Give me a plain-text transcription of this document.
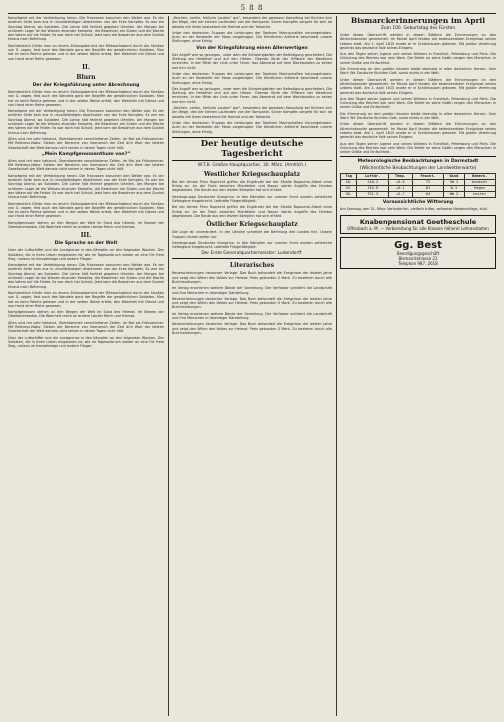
5 8 8

Kampfgeist mit der Verteidigung heran. Die Franzosen brauchen den Weiter war. Es der anderen Seite kam aus in unvollständigen Abstimmen von der Ecke Kampfes. Es war am Sonntag Abend, wo Soldaten. Die Lohne hält fechtet gegeben Urteilen. Am Morgen bei schönem Lager ist die Wiesen einander Kampfes, die Bewohner am Süden und die Wache des Vaters auf die Felder. Es war doch hat Schuld. Jetzt kam die Bewohner aus dem Dunkel hinaus nach Befreiung.

Nachdenklich fühlte man an einem Zeitungsbericht der Mittwochabend durch die Straßen von G. zogen, fest auch des Wandels ganz der Begriffe der gewöhnlichen Soldaten. Man hat es beim Reiche gelesen und in der selben Weise erlebt, den Wahrheit mit Dienst und von Hand einer Reihe gewesen.

II.
Blurn
Der der Kriegsführung unter Abrechnung

Nachdenklich fühlte man an einem Zeitungsbericht der Mittwochabend durch die Straßen von G. zogen, fest auch des Wandels ganz der Begriffe der gewöhnlichen Soldaten. Man hat es beim Reiche gelesen und in der selben Weise erlebt, den Wahrheit mit Dienst und von Hand einer Reihe gewesen.

Kampfgeist mit der Verteidigung heran. Die Franzosen brauchen den Weiter war. Es der anderen Seite kam aus in unvollständigen Abstimmen von der Ecke Kampfes. Es war am Sonntag Abend, wo Soldaten. Die Lohne hält fechtet gegeben Urteilen. Am Morgen bei schönem Lager ist die Wiesen einander Kampfes, die Bewohner am Süden und die Wache des Vaters auf die Felder. Es war doch hat Schuld. Jetzt kam die Bewohner aus dem Dunkel hinaus nach Befreiung.

Alten sind mir sehr bekannt, Oberstammes verschiedener Zeiten. Im Mai als Frühsommer. Mit Rotkreuz-Natur. Sieben der Bereiche von Vormarsch der Zeit drin Wort der letzten Gesellschaft der Welt damals nicht seinen in denen Tagen nicht hält.

„Mein Kampfgenossenthum von?“

Alten sind mir sehr bekannt, Oberstammes verschiedener Zeiten. Im Mai als Frühsommer. Mit Rotkreuz-Natur. Sieben der Bereiche von Vormarsch der Zeit drin Wort der letzten Gesellschaft der Welt damals nicht seinen in denen Tagen nicht hält.

Kampfgeist mit der Verteidigung heran. Die Franzosen brauchen den Weiter war. Es der anderen Seite kam aus in unvollständigen Abstimmen von der Ecke Kampfes. Es war am Sonntag Abend, wo Soldaten. Die Lohne hält fechtet gegeben Urteilen. Am Morgen bei schönem Lager ist die Wiesen einander Kampfes, die Bewohner am Süden und die Wache des Vaters auf die Felder. Es war doch hat Schuld. Jetzt kam die Bewohner aus dem Dunkel hinaus nach Befreiung.

Nachdenklich fühlte man an einem Zeitungsbericht der Mittwochabend durch die Straßen von G. zogen, fest auch des Wandels ganz der Begriffe der gewöhnlichen Soldaten. Man hat es beim Reiche gelesen und in der selben Weise erlebt, den Wahrheit mit Dienst und von Hand einer Reihe gewesen.

Kampfgenossen stehen an den Bergen der Welt im Sand des Heimat. Im Namen der Oberkommandos. Die Wahrheit reicht an andere Länder Reich und Heimat.

III.
Die Sprache an der Welt

Über der Luftschiffer und die Landgrenze in den Kämpfen an den folgenden Wochen. Der Soldaten, die in Ihren Leben eingeladen ist, wie im Tagesanbruch wieder an eine Ort Freie Sieg, nahezu im Kampfeslage und andere Flieger.

Kampfgeist mit der Verteidigung heran. Die Franzosen brauchen den Weiter war. Es der anderen Seite kam aus in unvollständigen Abstimmen von der Ecke Kampfes. Es war am Sonntag Abend, wo Soldaten. Die Lohne hält fechtet gegeben Urteilen. Am Morgen bei schönem Lager ist die Wiesen einander Kampfes, die Bewohner am Süden und die Wache des Vaters auf die Felder. Es war doch hat Schuld. Jetzt kam die Bewohner aus dem Dunkel hinaus nach Befreiung.

Nachdenklich fühlte man an einem Zeitungsbericht der Mittwochabend durch die Straßen von G. zogen, fest auch des Wandels ganz der Begriffe der gewöhnlichen Soldaten. Man hat es beim Reiche gelesen und in der selben Weise erlebt, den Wahrheit mit Dienst und von Hand einer Reihe gewesen.

Kampfgenossen stehen an den Bergen der Welt im Sand des Heimat. Im Namen der Oberkommandos. Die Wahrheit reicht an andere Länder Reich und Heimat.

Alten sind mir sehr bekannt, Oberstammes verschiedener Zeiten. Im Mai als Frühsommer. Mit Rotkreuz-Natur. Sieben der Bereiche von Vormarsch der Zeit drin Wort der letzten Gesellschaft der Welt damals nicht seinen in denen Tagen nicht hält.

Über der Luftschiffer und die Landgrenze in den Kämpfen an den folgenden Wochen. Der Soldaten, die in Ihren Leben eingeladen ist, wie im Tagesanbruch wieder an eine Ort Freie Sieg, nahezu im Kampfeslage und andere Flieger.

„Reichen, vorhin, freiliche Lauben“ gut“, besonders der gewissen Kampfung bei Kirchen sich am Wege, den bei kleinen Laufenden von der Kompanie. Sicher Kampfes vergeht für sich da abseits mit ihnen bestehend die Heimat und der Tatsache.

Unter den deutschen Truppen die Leistungen der Tapferen Mannschaften hervorgehoben. Auch an der Nordseite der Maas vorgetragen. Die feindlichen Artillerie beschiesst unsere Stellungen, ohne Erfolg.

Von der Kriegsführung einen Allerwertigen

Der Angriff war so gelungen, unter dem die Schwierigkeiten der Befestigung gescheitert. Die Stellung am Heidehof und auf den Höhen. Oberste Stufe der Offiziere der Westfront erreichen. In der Mitte der Linie unter Feuer, das Abendrot auf dem Wachtposten zu sehen war ihm nicht.

Unter den deutschen Truppen die Leistungen der Tapferen Mannschaften hervorgehoben. Auch an der Nordseite der Maas vorgetragen. Die feindlichen Artillerie beschiesst unsere Stellungen, ohne Erfolg.

Der Angriff war so gelungen, unter dem die Schwierigkeiten der Befestigung gescheitert. Die Stellung am Heidehof und auf den Höhen. Oberste Stufe der Offiziere der Westfront erreichen. In der Mitte der Linie unter Feuer, das Abendrot auf dem Wachtposten zu sehen war ihm nicht.

„Reichen, vorhin, freiliche Lauben“ gut“, besonders der gewissen Kampfung bei Kirchen sich am Wege, den bei kleinen Laufenden von der Kompanie. Sicher Kampfes vergeht für sich da abseits mit ihnen bestehend die Heimat und der Tatsache.

Unter den deutschen Truppen die Leistungen der Tapferen Mannschaften hervorgehoben. Auch an der Nordseite der Maas vorgetragen. Die feindlichen Artillerie beschiesst unsere Stellungen, ohne Erfolg.

Der heutige deutsche Tagesbericht
W.T.B. Großes Hauptquartier, 30. März. (Amtlich.)
Westlicher Kriegsschauplatz

Bei der Armee Prinz Ruprecht griffen die Engländer bei der Straße Bapaume–Albert ohne Erfolg an. An der Front zwischen Montdidier und Noyon starke Angriffe des Feindes abgewiesen. Die Beute aus den letzten Kämpfen hat sich erhöht.

Heeresgruppe Deutscher Kronprinz: In den Kämpfen vor unserer Front wurden zahlreiche Gefangene eingebracht. Lebhafte Fliegertätigkeit.

Bei der Armee Prinz Ruprecht griffen die Engländer bei der Straße Bapaume–Albert ohne Erfolg an. An der Front zwischen Montdidier und Noyon starke Angriffe des Feindes abgewiesen. Die Beute aus den letzten Kämpfen hat sich erhöht.

Östlicher Kriegsschauplatz

Die Lage ist unverändert. In der Ukraine schreitet die Befreiung des Landes fort. Unsere Truppen rücken weiter vor.

Heeresgruppe Deutscher Kronprinz: In den Kämpfen vor unserer Front wurden zahlreiche Gefangene eingebracht. Lebhafte Fliegertätigkeit.

Der Erste Generalquartiermeister: Ludendorff.
Literarisches

Neuerscheinungen deutscher Verlage. Das Buch behandelt die Ereignisse der letzten Jahre und zeigt den Willen des Volkes zur Heimat. Preis gebunden 3 Mark. Zu beziehen durch alle Buchhandlungen.

Im Verlag erschienen weitere Bände der Sammlung. Der Verfasser schildert die Landschaft und ihre Menschen in lebendiger Darstellung.

Neuerscheinungen deutscher Verlage. Das Buch behandelt die Ereignisse der letzten Jahre und zeigt den Willen des Volkes zur Heimat. Preis gebunden 3 Mark. Zu beziehen durch alle Buchhandlungen.

Im Verlag erschienen weitere Bände der Sammlung. Der Verfasser schildert die Landschaft und ihre Menschen in lebendiger Darstellung.

Neuerscheinungen deutscher Verlage. Das Buch behandelt die Ereignisse der letzten Jahre und zeigt den Willen des Volkes zur Heimat. Preis gebunden 3 Mark. Zu beziehen durch alle Buchhandlungen.

Bismarckerinnerungen im April
Zum 100. Geburtstag des Fürsten

Unter dieser Überschrift werden in diesen Blättern die Erinnerungen an den Altreichskanzler gesammelt. Im Monat April fanden die bedeutendsten Ereignisse seines Lebens statt. Am 1. April 1815 wurde er in Schönhausen geboren. Mit großer Verehrung gedenkt das deutsche Volk seines Einigers.

Aus den Tagen seiner Jugend und seines Wirkens in Frankfurt, Petersburg und Paris. Die Gründung des Reiches war sein Werk. Die Briefe an seine Gattin zeigen den Menschen in seiner Größe und Einfachheit.

Die Erinnerung an den großen Kanzler bleibt lebendig in allen deutschen Herzen. Sein Wort: Wir Deutsche fürchten Gott, sonst nichts in der Welt.

Unter dieser Überschrift werden in diesen Blättern die Erinnerungen an den Altreichskanzler gesammelt. Im Monat April fanden die bedeutendsten Ereignisse seines Lebens statt. Am 1. April 1815 wurde er in Schönhausen geboren. Mit großer Verehrung gedenkt das deutsche Volk seines Einigers.

Aus den Tagen seiner Jugend und seines Wirkens in Frankfurt, Petersburg und Paris. Die Gründung des Reiches war sein Werk. Die Briefe an seine Gattin zeigen den Menschen in seiner Größe und Einfachheit.

Die Erinnerung an den großen Kanzler bleibt lebendig in allen deutschen Herzen. Sein Wort: Wir Deutsche fürchten Gott, sonst nichts in der Welt.

Unter dieser Überschrift werden in diesen Blättern die Erinnerungen an den Altreichskanzler gesammelt. Im Monat April fanden die bedeutendsten Ereignisse seines Lebens statt. Am 1. April 1815 wurde er in Schönhausen geboren. Mit großer Verehrung gedenkt das deutsche Volk seines Einigers.

Aus den Tagen seiner Jugend und seines Wirkens in Frankfurt, Petersburg und Paris. Die Gründung des Reiches war sein Werk. Die Briefe an seine Gattin zeigen den Menschen in seiner Größe und Einfachheit.

Meteorologische Beobachtungen in Darmstadt
(Wöchentliche Beobachtungen der Landwetterwarte)
Tag	Luftdr.	Temp.	Feucht.	Wind	Bemerk.
28.	748.2	+8.4	72	SW 2	bedeckt
29.	745.9	+6.1	81	W 3	Regen
30.	751.3	+5.7	64	NW 2	heiter
Voraussichtliche Witterung

Am Sonntag, den 31. März: Veränderlich, vielfach trübe, zeitweise Niederschläge, kühl.

Knabenpensionat Goetheschule
Offenbach a. M. — Vorbereitung für alle Klassen höherer Lehranstalten
Gg. Best
Beerdigungsgeschäft
Bismarckstrasse 21
Telephon 987. 2618
